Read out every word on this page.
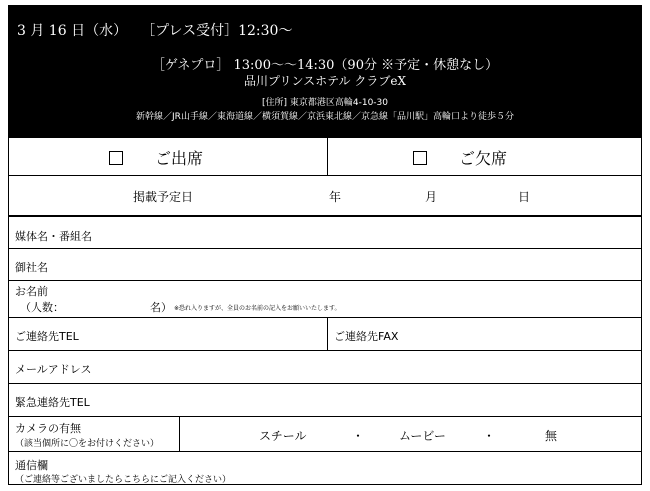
3 月 16 日（水） ［プレス受付］12:30～
［ゲネプロ］ 13:00～～14:30（90分 ※予定・休憩なし）
品川プリンスホテル クラブeX
[住所] 東京都港区高輪4-10-30
新幹線／JR山手線／東海道線／横須賀線／京浜東北線／京急線「品川駅」高輪口より徒歩５分
ご出席	ご欠席
掲載予定日	年	月	日
媒体名・番組名
御社名
お名前
（人数：	名） ※恐れ入りますが、全員のお名前の記入をお願いいたします。
ご連絡先TEL	ご連絡先FAX
メールアドレス
緊急連絡先TEL
カメラの有無
（該当個所に〇をお付けください）
スチール	・	ムービー	・	無
通信欄
（ご連絡等ございましたらこちらにご記入ください）
